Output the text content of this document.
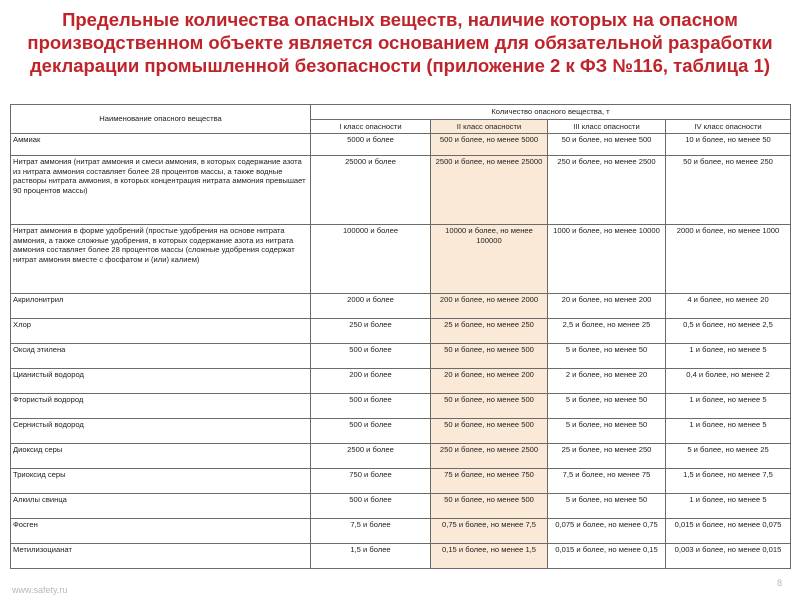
Предельные количества опасных веществ, наличие которых на опасном производственном объекте является основанием для обязательной разработки декларации промышленной безопасности (приложение 2 к ФЗ №116, таблица 1)
Наименование опасного вещества	Количество опасного вещества, т			
	I класс опасности	II класс опасности	III класс опасности	IV класс опасности
Аммиак	5000 и более	500 и более, но менее 5000	50 и более, но менее 500	10 и более, но менее 50
Нитрат аммония (нитрат аммония и смеси аммония, в которых содержание азота из нитрата аммония составляет более 28 процентов массы, а также водные растворы нитрата аммония, в которых концентрация нитрата аммония превышает 90 процентов массы)	25000 и более	2500 и более, но менее 25000	250 и более, но менее 2500	50 и более, но менее 250
Нитрат аммония в форме удобрений (простые удобрения на основе нитрата аммония, а также сложные удобрения, в которых содержание азота из нитрата аммония составляет более 28 процентов массы (сложные удобрения содержат нитрат аммония вместе с фосфатом и (или) калием)	100000 и более	10000 и более, но менее 100000	1000 и более, но менее 10000	2000 и более, но менее 1000
Акрилонитрил	2000 и более	200 и более, но менее 2000	20 и более, но менее 200	4 и более, но менее 20
Хлор	250 и более	25 и более, но менее 250	2,5 и более, но менее 25	0,5 и более, но менее 2,5
Оксид этилена	500 и более	50 и более, но менее 500	5 и более, но менее 50	1 и более, но менее 5
Цианистый водород	200 и более	20 и более, но менее 200	2 и более, но менее 20	0,4 и более, но менее 2
Фтористый водород	500 и более	50 и более, но менее 500	5 и более, но менее 50	1 и более, но менее 5
Сернистый водород	500 и более	50 и более, но менее 500	5 и более, но менее 50	1 и более, но менее 5
Диоксид серы	2500 и более	250 и более, но менее 2500	25 и более, но менее 250	5 и более, но менее 25
Триоксид серы	750 и более	75 и более, но менее 750	7,5 и более, но менее 75	1,5 и более, но менее 7,5
Алкилы свинца	500 и более	50 и более, но менее 500	5 и более, но менее 50	1 и более, но менее 5
Фосген	7,5 и более	0,75 и более, но менее 7,5	0,075 и более, но менее 0,75	0,015 и более, но менее 0,075
Метилизоцианат	1,5 и более	0,15 и более, но менее 1,5	0,015 и более, но менее 0,15	0,003 и более, но менее 0,015
www.safety.ru
8
